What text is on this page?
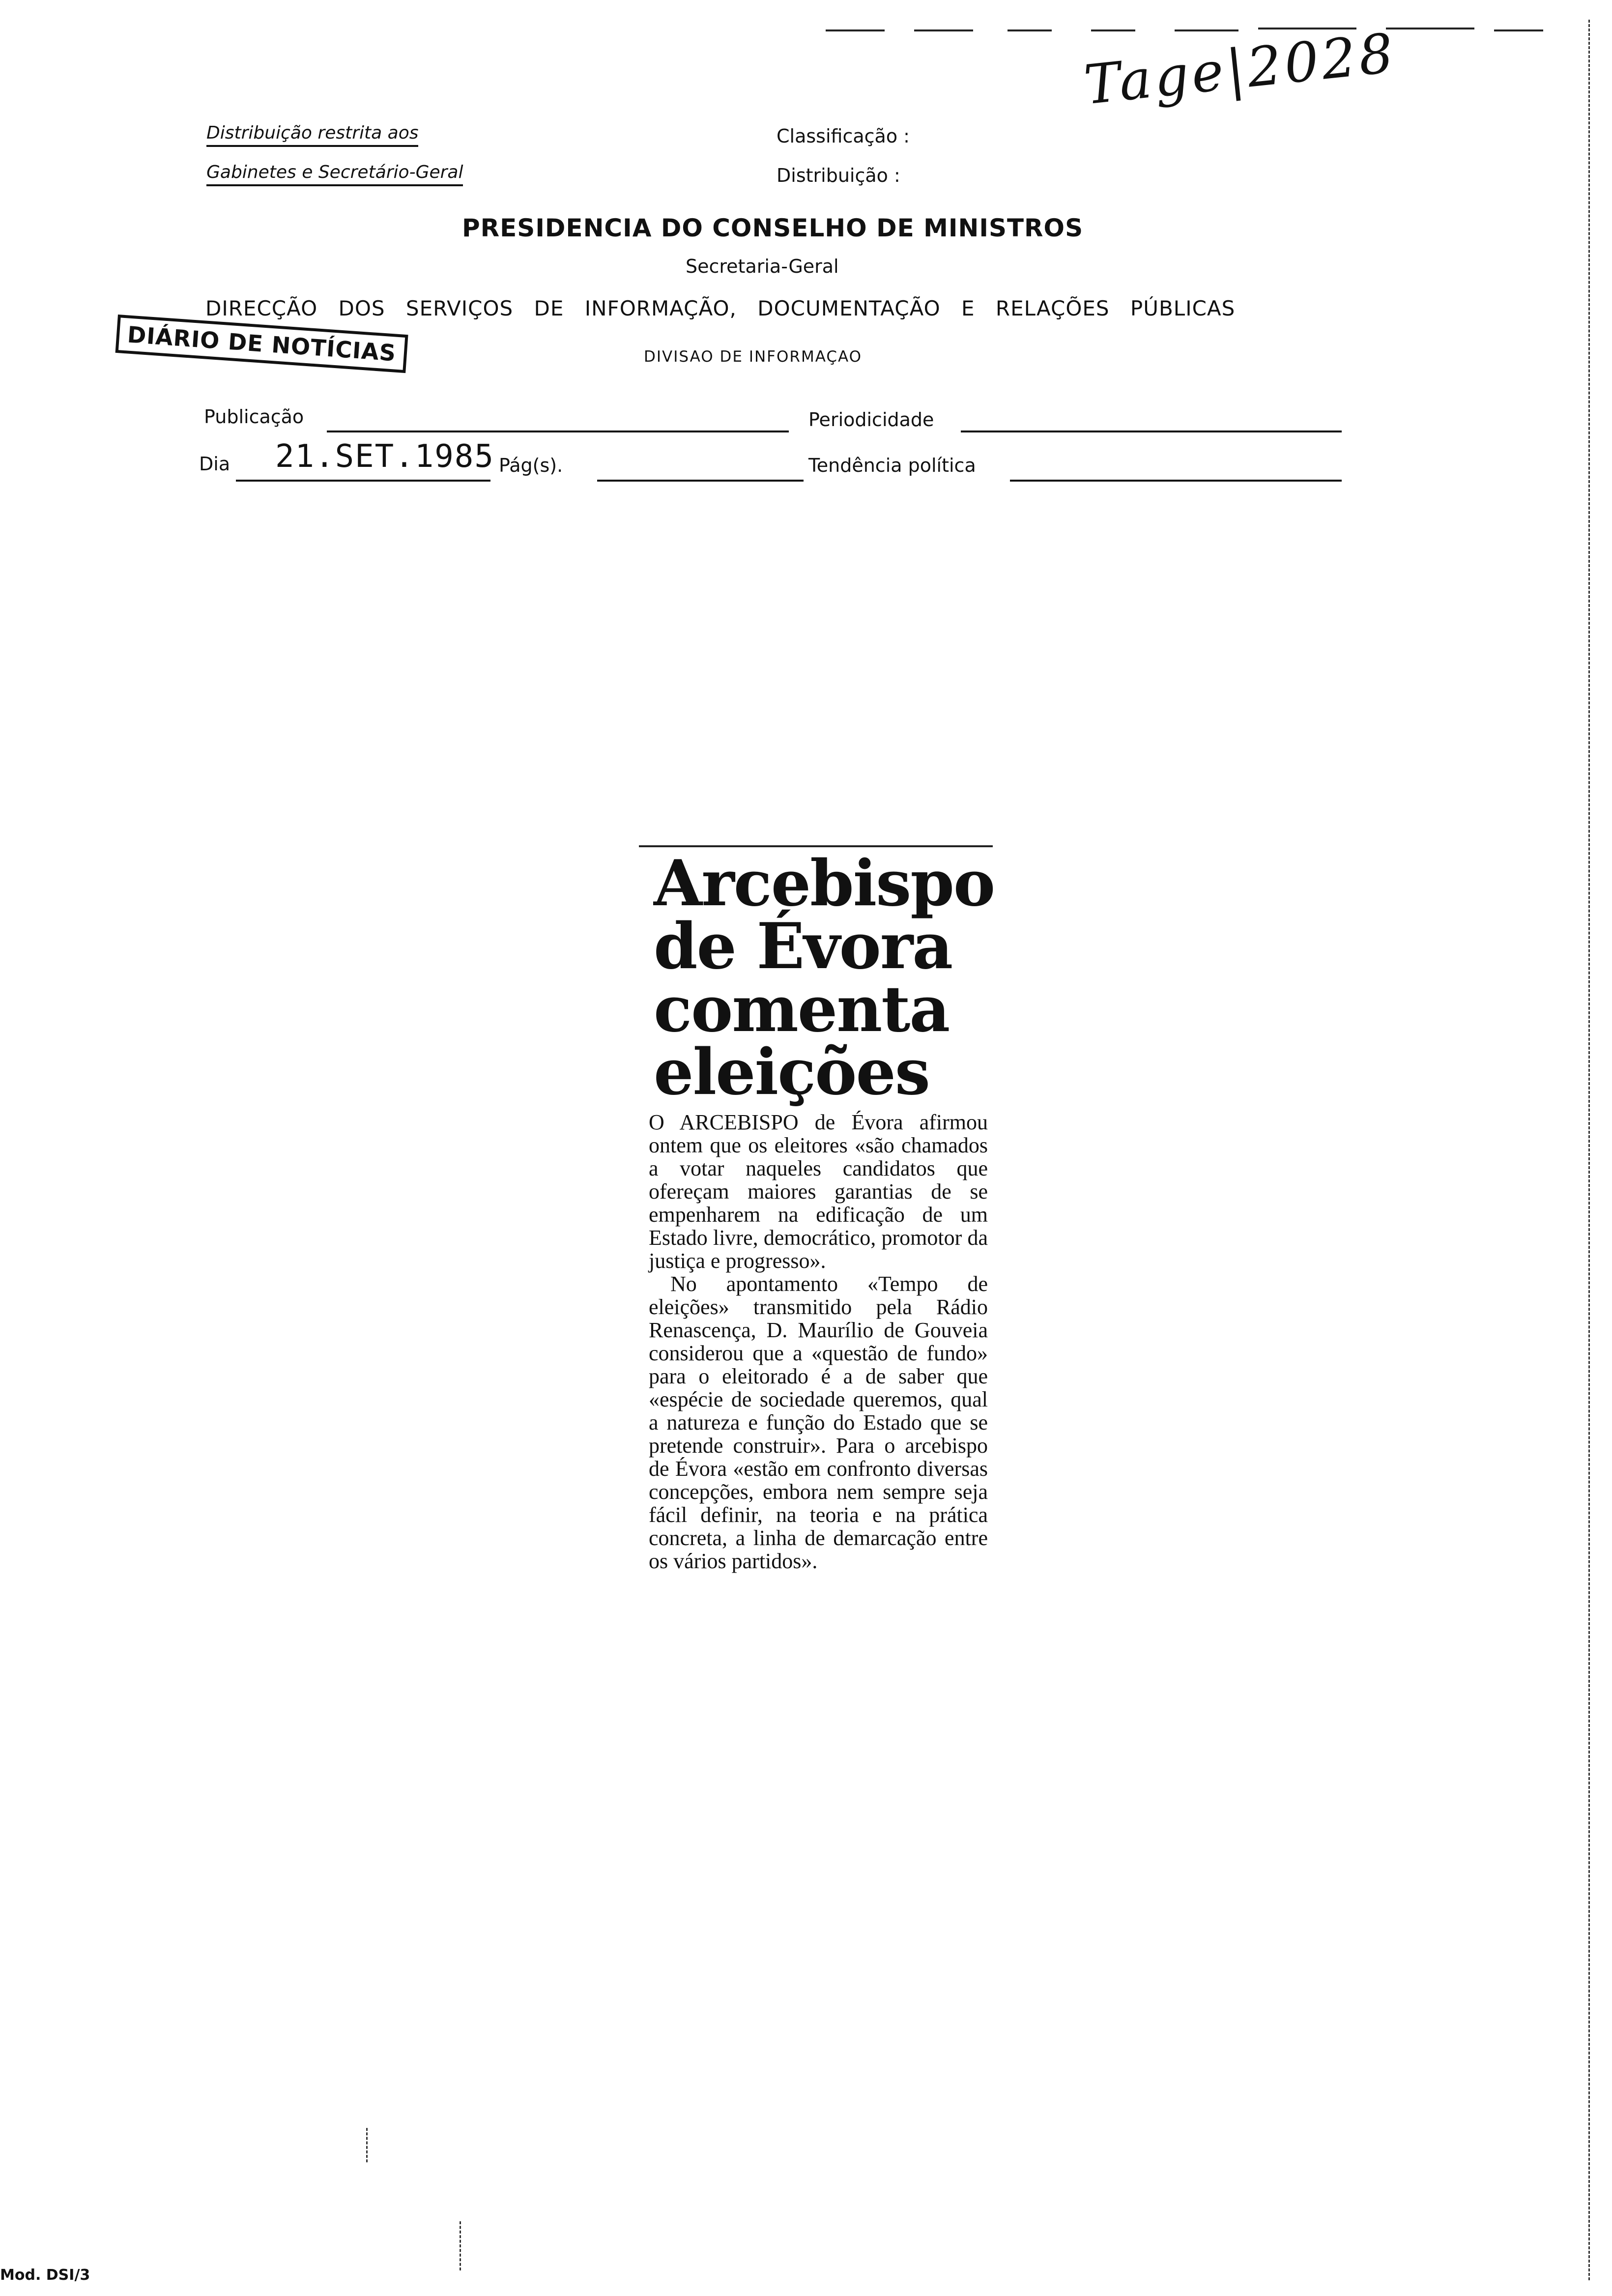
Tage|2028
Distribuição restrita aos
Gabinetes e Secretário-Geral
Classificação :
Distribuição :
PRESIDENCIA DO CONSELHO DE MINISTROS
Secretaria-Geral
DIRECÇÃO DOS SERVIÇOS DE INFORMAÇÃO, DOCUMENTAÇÃO E RELAÇÕES PÚBLICAS
DIVISAO DE INFORMAÇAO
DIÁRIO DE NOTÍCIAS
Publicação	Periodicidade
Dia 21.SET.1985 Pág(s).	Tendência política
Arcebispo
de Évora
comenta
eleições

O ARCEBISPO de Évora afirmou ontem que os eleitores «são chamados a votar naqueles candidatos que ofereçam maiores garantias de se empenharem na edificação de um Estado livre, democrático, promotor da justiça e progresso».

No apontamento «Tempo de eleições» transmitido pela Rádio Renascença, D. Maurílio de Gouveia considerou que a «questão de fundo» para o eleitorado é a de saber que «espécie de sociedade queremos, qual a natureza e função do Estado que se pretende construir». Para o arcebispo de Évora «estão em confronto diversas concepções, embora nem sempre seja fácil definir, na teoria e na prática concreta, a linha de demarcação entre os vários partidos».

Mod. DSI/3
